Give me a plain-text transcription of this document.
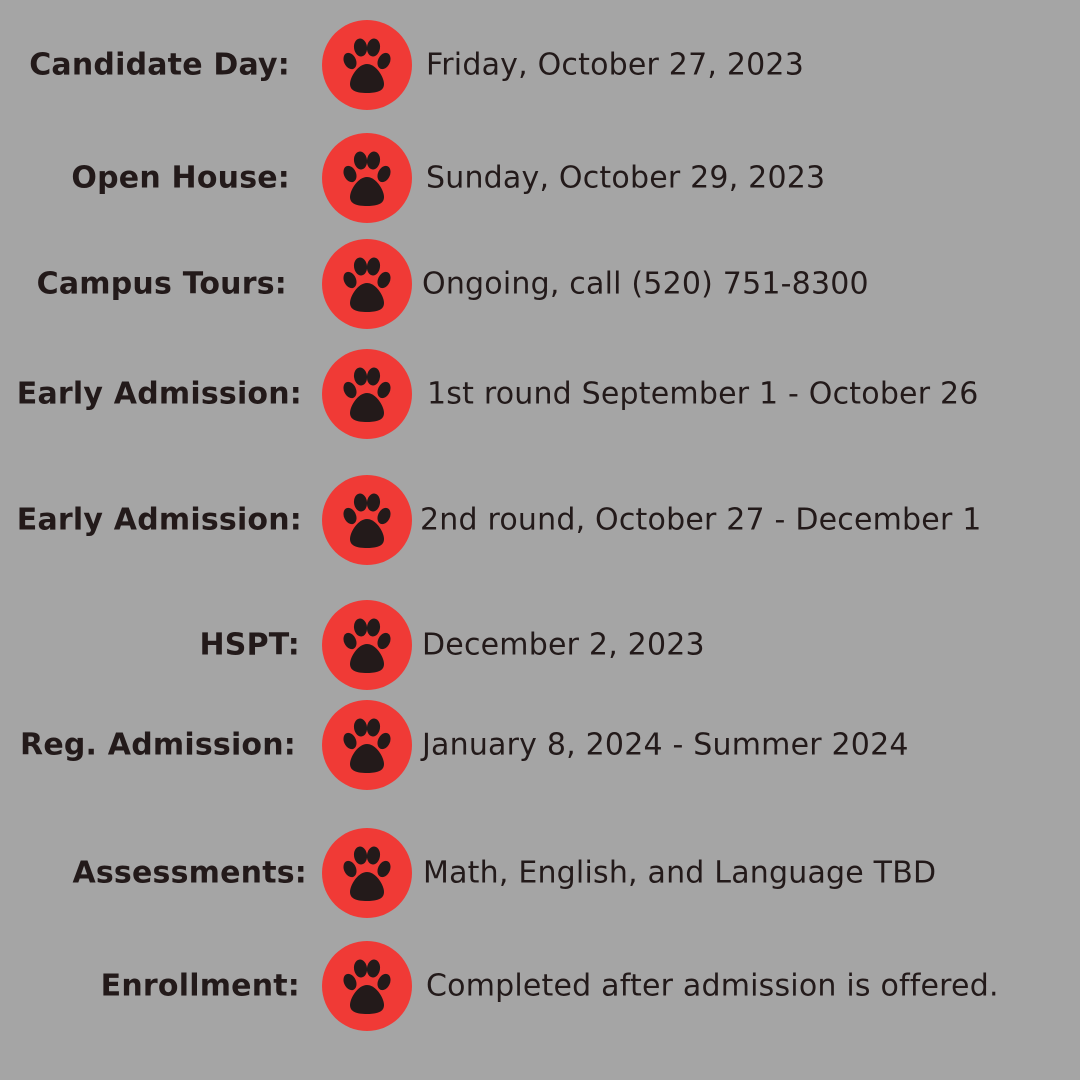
Candidate Day:	Friday, October 27, 2023
Open House:	Sunday, October 29, 2023
Campus Tours:	Ongoing, call (520) 751-8300
Early Admission:	1st round September 1 - October 26
Early Admission:	2nd round, October 27 - December 1
HSPT:	December 2, 2023
Reg. Admission:	January 8, 2024 - Summer 2024
Assessments:	Math, English, and Language TBD
Enrollment:	Completed after admission is offered.
